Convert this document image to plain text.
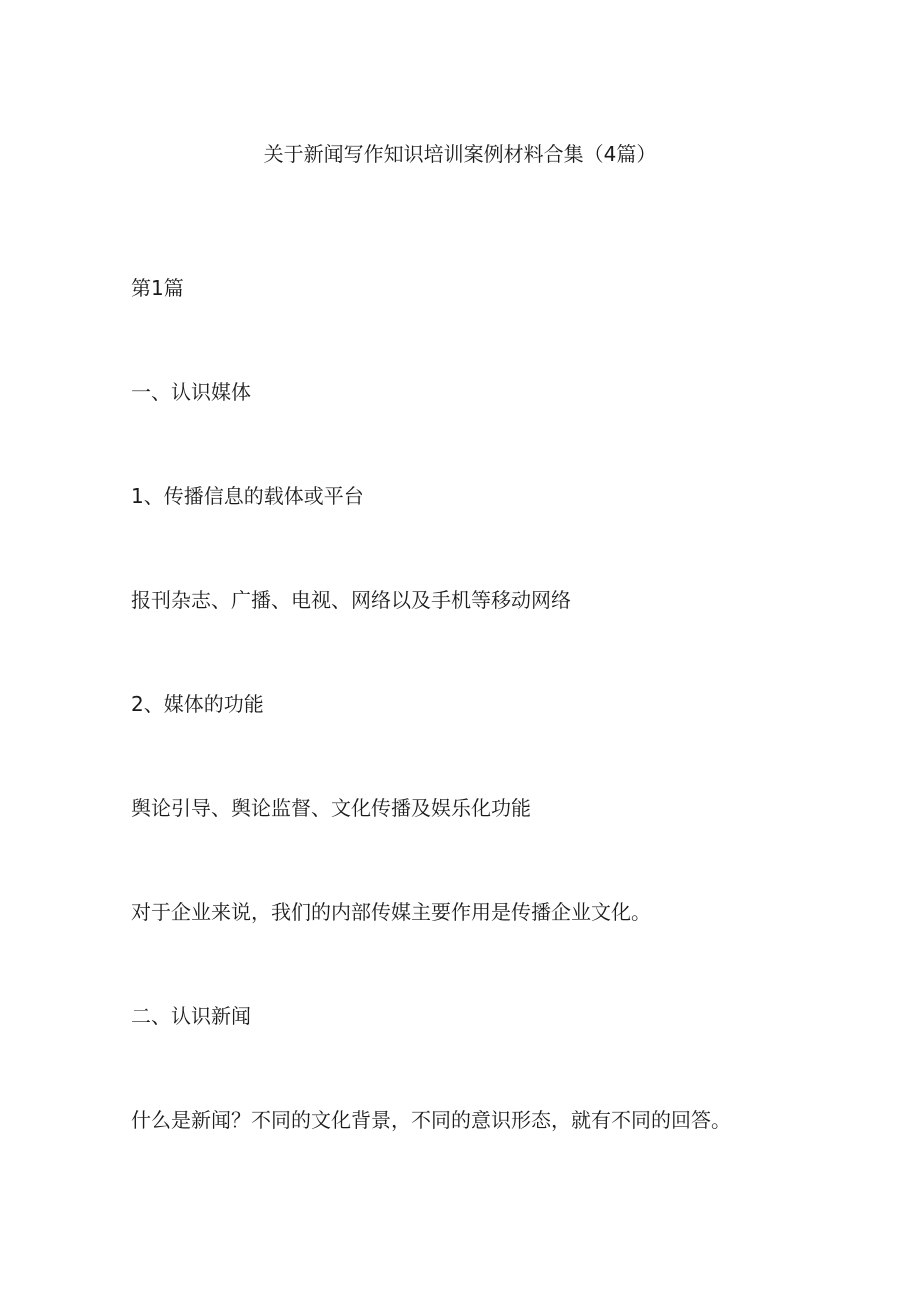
关于新闻写作知识培训案例材料合集（4篇）
第1篇
一、认识媒体
1、传播信息的载体或平台
报刊杂志、广播、电视、网络以及手机等移动网络
2、媒体的功能
舆论引导、舆论监督、文化传播及娱乐化功能
对于企业来说，我们的内部传媒主要作用是传播企业文化。
二、认识新闻
什么是新闻？不同的文化背景，不同的意识形态，就有不同的回答。
